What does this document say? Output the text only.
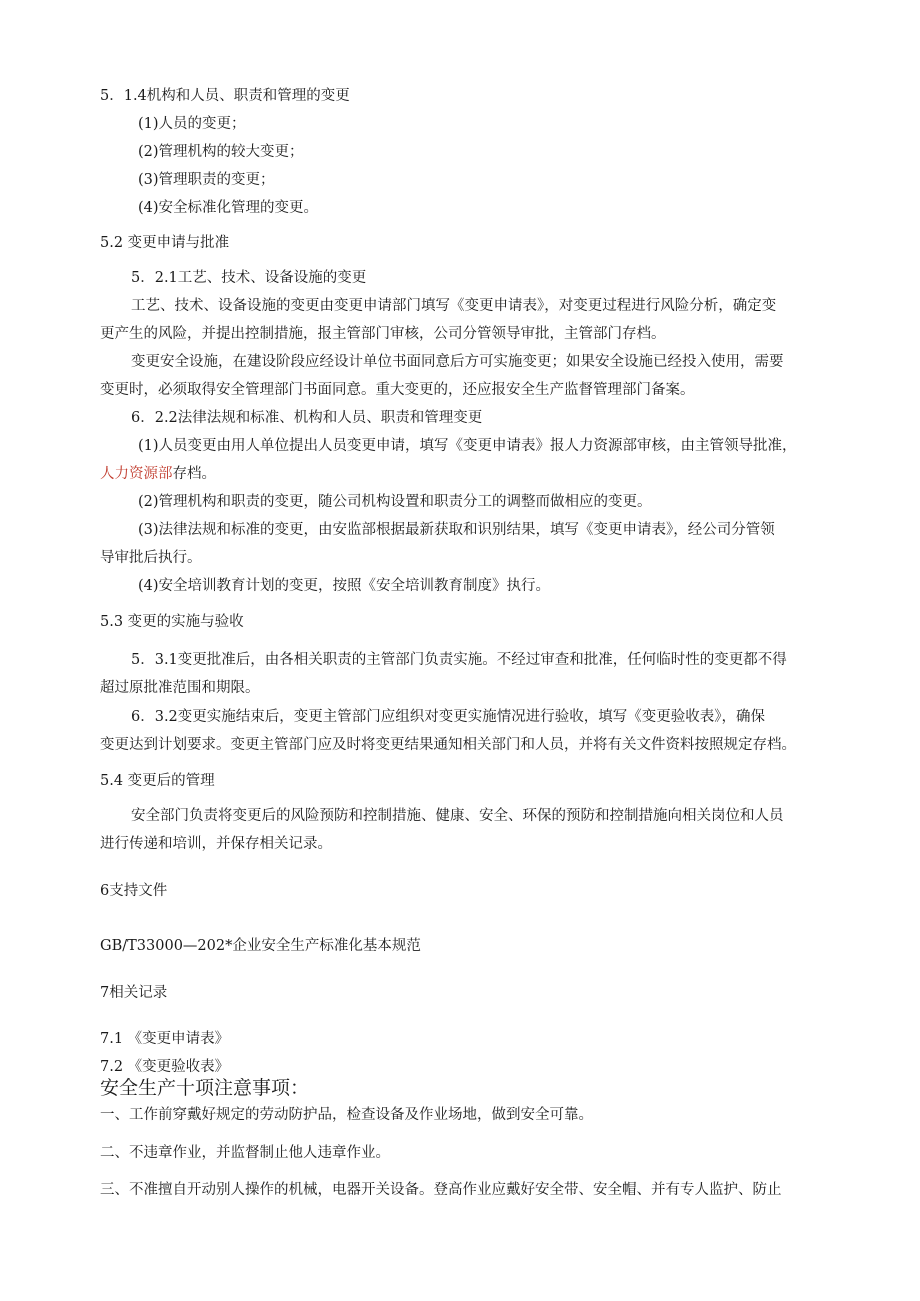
5．1.4机构和人员、职责和管理的变更
(1)人员的变更；
(2)管理机构的较大变更；
(3)管理职责的变更；
(4)安全标准化管理的变更。
5.2 变更申请与批准
5．2.1工艺、技术、设备设施的变更
工艺、技术、设备设施的变更由变更申请部门填写《变更申请表》，对变更过程进行风险分析，确定变
更产生的风险，并提出控制措施，报主管部门审核，公司分管领导审批，主管部门存档。
变更安全设施，在建设阶段应经设计单位书面同意后方可实施变更；如果安全设施已经投入使用，需要
变更时，必须取得安全管理部门书面同意。重大变更的，还应报安全生产监督管理部门备案。
6．2.2法律法规和标准、机构和人员、职责和管理变更
(1)人员变更由用人单位提出人员变更申请，填写《变更申请表》报人力资源部审核，由主管领导批准，
人力资源部存档。
(2)管理机构和职责的变更，随公司机构设置和职责分工的调整而做相应的变更。
(3)法律法规和标准的变更，由安监部根据最新获取和识别结果，填写《变更申请表》，经公司分管领
导审批后执行。
(4)安全培训教育计划的变更，按照《安全培训教育制度》执行。
5.3 变更的实施与验收
5．3.1变更批准后，由各相关职责的主管部门负责实施。不经过审查和批准，任何临时性的变更都不得
超过原批准范围和期限。
6．3.2变更实施结束后，变更主管部门应组织对变更实施情况进行验收，填写《变更验收表》，确保
变更达到计划要求。变更主管部门应及时将变更结果通知相关部门和人员，并将有关文件资料按照规定存档。
5.4 变更后的管理
安全部门负责将变更后的风险预防和控制措施、健康、安全、环保的预防和控制措施向相关岗位和人员
进行传递和培训，并保存相关记录。
6支持文件
GB/T33000—202*企业安全生产标准化基本规范
7相关记录
7.1 《变更申请表》
7.2 《变更验收表》
安全生产十项注意事项：
一、工作前穿戴好规定的劳动防护品，检查设备及作业场地，做到安全可靠。
二、不违章作业，并监督制止他人违章作业。
三、不准擅自开动别人操作的机械，电器开关设备。登高作业应戴好安全带、安全帽、并有专人监护、防止
